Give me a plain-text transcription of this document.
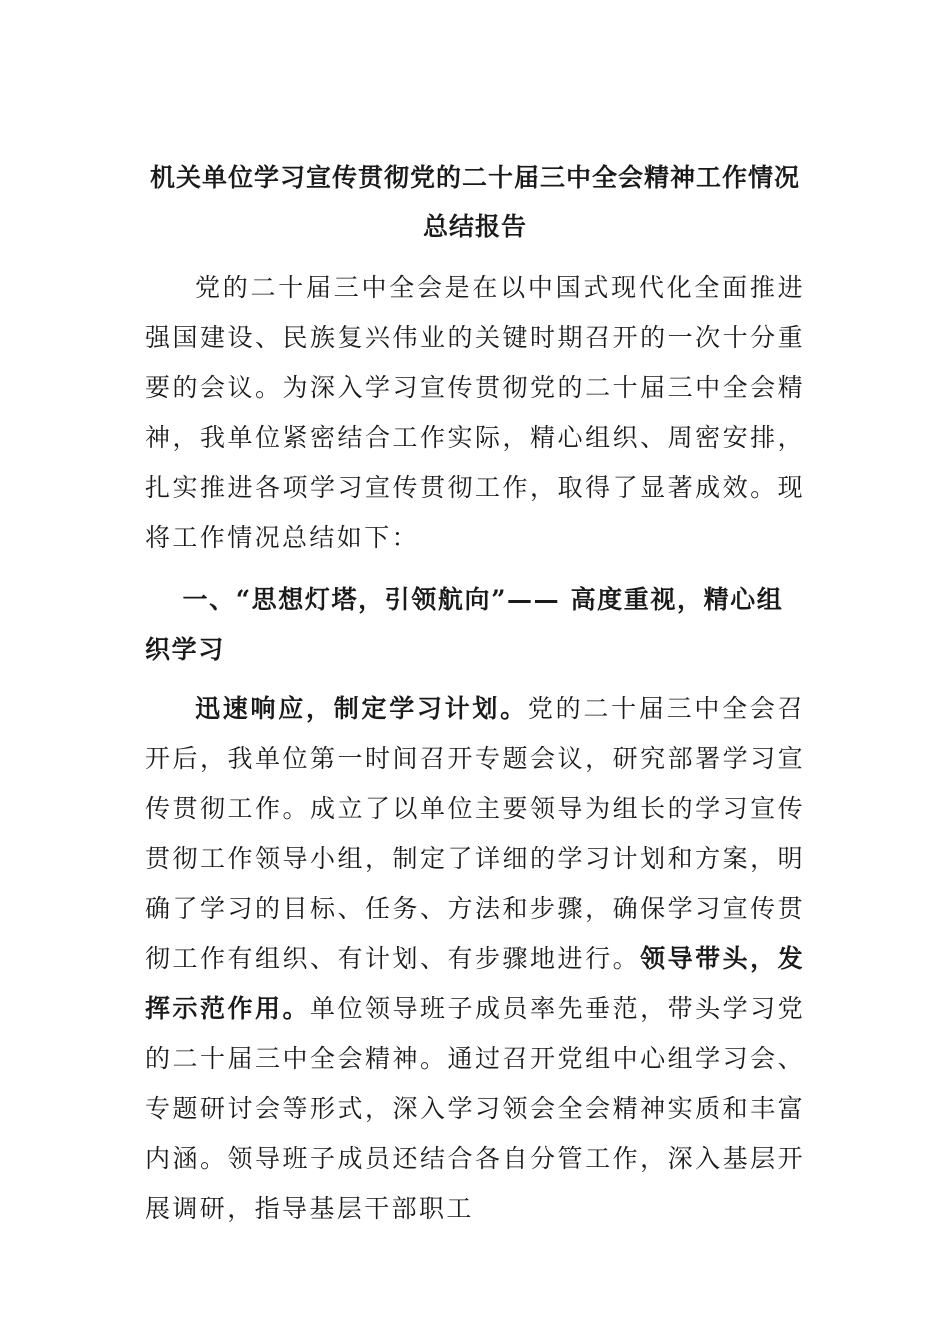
机关单位学习宣传贯彻党的二十届三中全会精神工作情况
总结报告

党的二十届三中全会是在以中国式现代化全面推进强国建设、民族复兴伟业的关键时期召开的一次十分重要的会议。为深入学习宣传贯彻党的二十届三中全会精神，我单位紧密结合工作实际，精心组织、周密安排，扎实推进各项学习宣传贯彻工作，取得了显著成效。现将工作情况总结如下：

一、“思想灯塔，引领航向”—— 高度重视，精心组织学习

迅速响应，制定学习计划。党的二十届三中全会召开后，我单位第一时间召开专题会议，研究部署学习宣传贯彻工作。成立了以单位主要领导为组长的学习宣传贯彻工作领导小组，制定了详细的学习计划和方案，明确了学习的目标、任务、方法和步骤，确保学习宣传贯彻工作有组织、有计划、有步骤地进行。领导带头，发挥示范作用。单位领导班子成员率先垂范，带头学习党的二十届三中全会精神。通过召开党组中心组学习会、专题研讨会等形式，深入学习领会全会精神实质和丰富内涵。领导班子成员还结合各自分管工作，深入基层开展调研，指导基层干部职工
